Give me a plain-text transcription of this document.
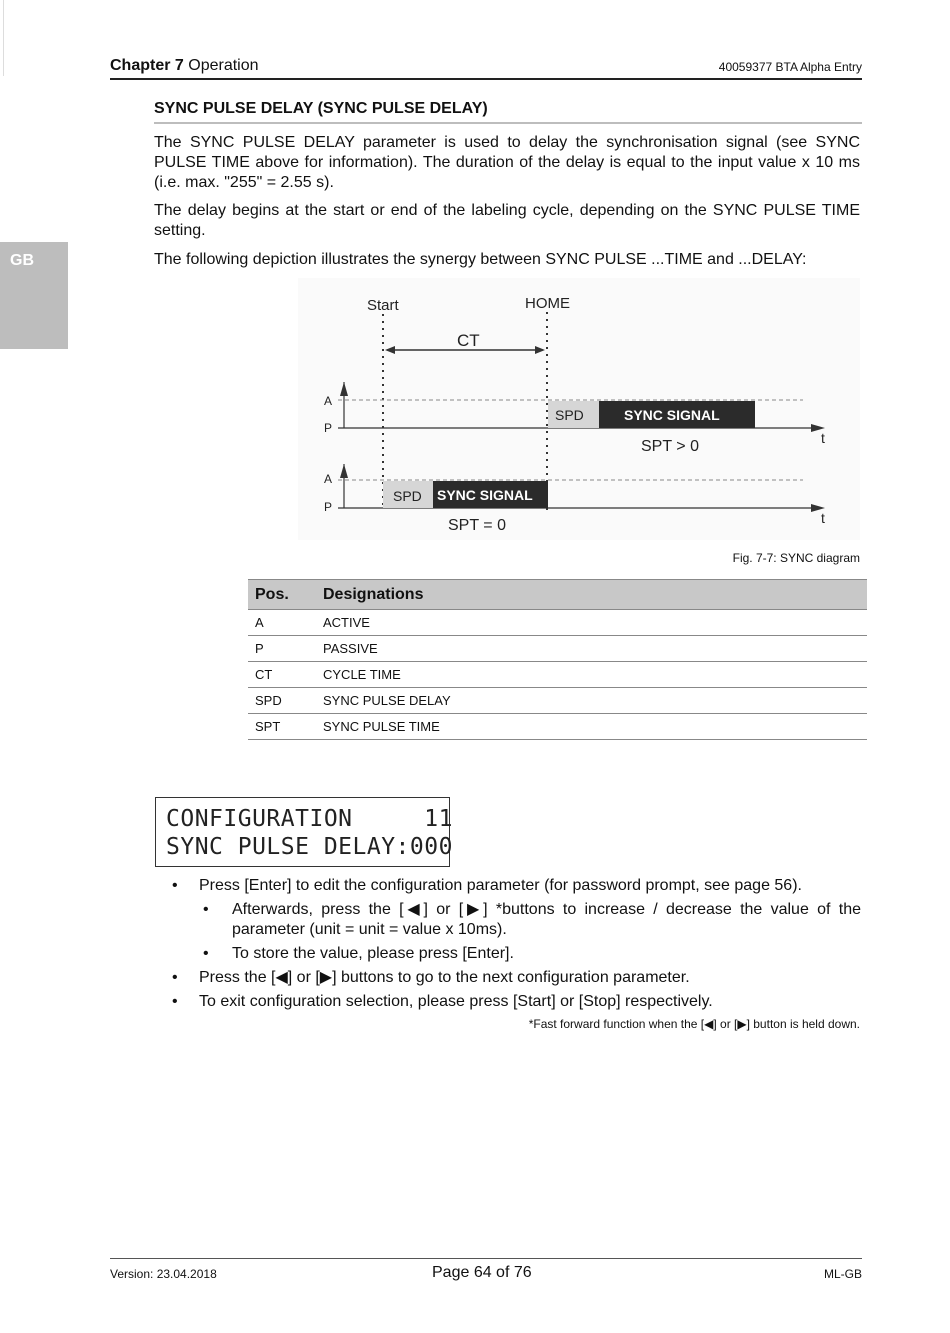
Chapter 7 Operation	40059377 BTA Alpha Entry
GB
SYNC PULSE DELAY (SYNC PULSE DELAY)

The SYNC PULSE DELAY parameter is used to delay the synchronisation signal (see SYNC PULSE TIME above for information). The duration of the delay is equal to the input value x 10 ms (i.e. max. "255" = 2.55 s).

The delay begins at the start or end of the labeling cycle, depending on the SYNC PULSE TIME setting.

The following depiction illustrates the synergy between SYNC PULSE ...TIME and ...DELAY:

Start	HOME
CT
A
P
t
SPD	SYNC SIGNAL
SPT > 0
A
P
t
SPD SYNC SIGNAL
SPT = 0
Fig. 7-7: SYNC diagram
Pos.	Designations
A	ACTIVE
P	PASSIVE
CT	CYCLE TIME
SPD	SYNC PULSE DELAY
SPT	SYNC PULSE TIME
CONFIGURATION     11
SYNC PULSE DELAY:000

• Press [Enter] to edit the configuration parameter (for password prompt, see page 56).

• Afterwards, press the [◀] or [▶] *buttons to increase / decrease the value of the parameter (unit = unit = value x 10ms).

• To store the value, please press [Enter].

• Press the [◀] or [▶] buttons to go to the next configuration parameter.

• To exit configuration selection, please press [Start] or [Stop] respectively.

*Fast forward function when the [◀] or [▶] button is held down.
Version: 23.04.2018	Page 64 of 76	ML-GB
